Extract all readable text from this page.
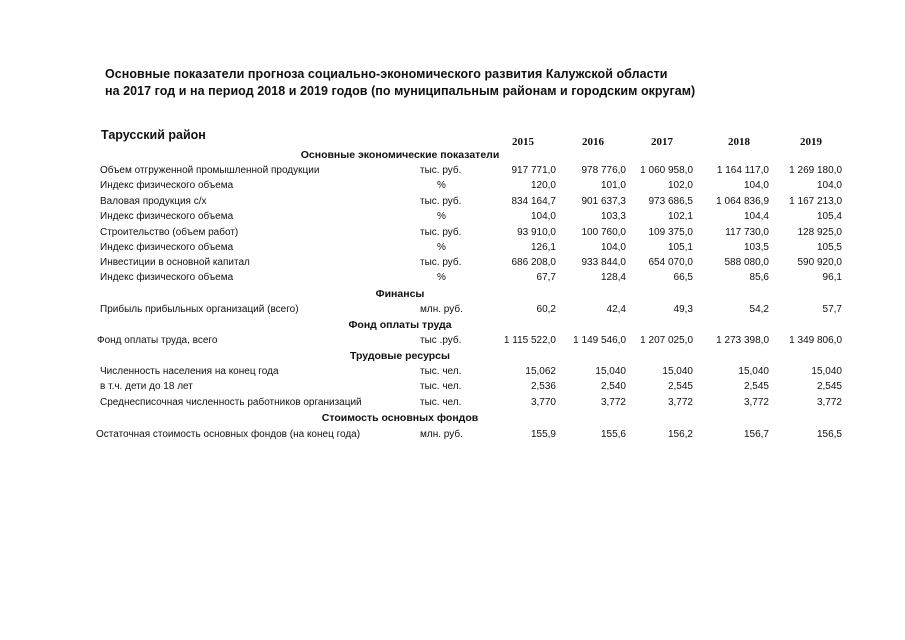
Основные показатели прогноза социально-экономического развития Калужской области
на 2017 год и на период 2018 и 2019 годов (по муниципальным районам и городским округам)
Тарусский район	2015	2016	2017	2018	2019
Основные экономические показатели
Объем отгруженной промышленной продукции	тыс. руб.	917 771,0	978 776,0	1 060 958,0	1 164 117,0	1 269 180,0
Индекс физического объема	%	120,0	101,0	102,0	104,0	104,0
Валовая продукция с/х	тыс. руб.	834 164,7	901 637,3	973 686,5	1 064 836,9	1 167 213,0
Индекс физического объема	%	104,0	103,3	102,1	104,4	105,4
Строительство (объем работ)	тыс. руб.	93 910,0	100 760,0	109 375,0	117 730,0	128 925,0
Индекс физического объема	%	126,1	104,0	105,1	103,5	105,5
Инвестиции в основной капитал	тыс. руб.	686 208,0	933 844,0	654 070,0	588 080,0	590 920,0
Индекс физического объема	%	67,7	128,4	66,5	85,6	96,1
Финансы
Прибыль прибыльных организаций (всего)	млн. руб.	60,2	42,4	49,3	54,2	57,7
Фонд оплаты труда
Фонд оплаты труда, всего	тыс .руб.	1 115 522,0	1 149 546,0	1 207 025,0	1 273 398,0	1 349 806,0
Трудовые ресурсы
Численность населения на конец года	тыс. чел.	15,062	15,040	15,040	15,040	15,040
в т.ч. дети до 18 лет	тыс. чел.	2,536	2,540	2,545	2,545	2,545
Среднесписочная численность работников организаций	тыс. чел.	3,770	3,772	3,772	3,772	3,772
Стоимость основных фондов
Остаточная стоимость основных фондов (на конец года)	млн. руб.	155,9	155,6	156,2	156,7	156,5
